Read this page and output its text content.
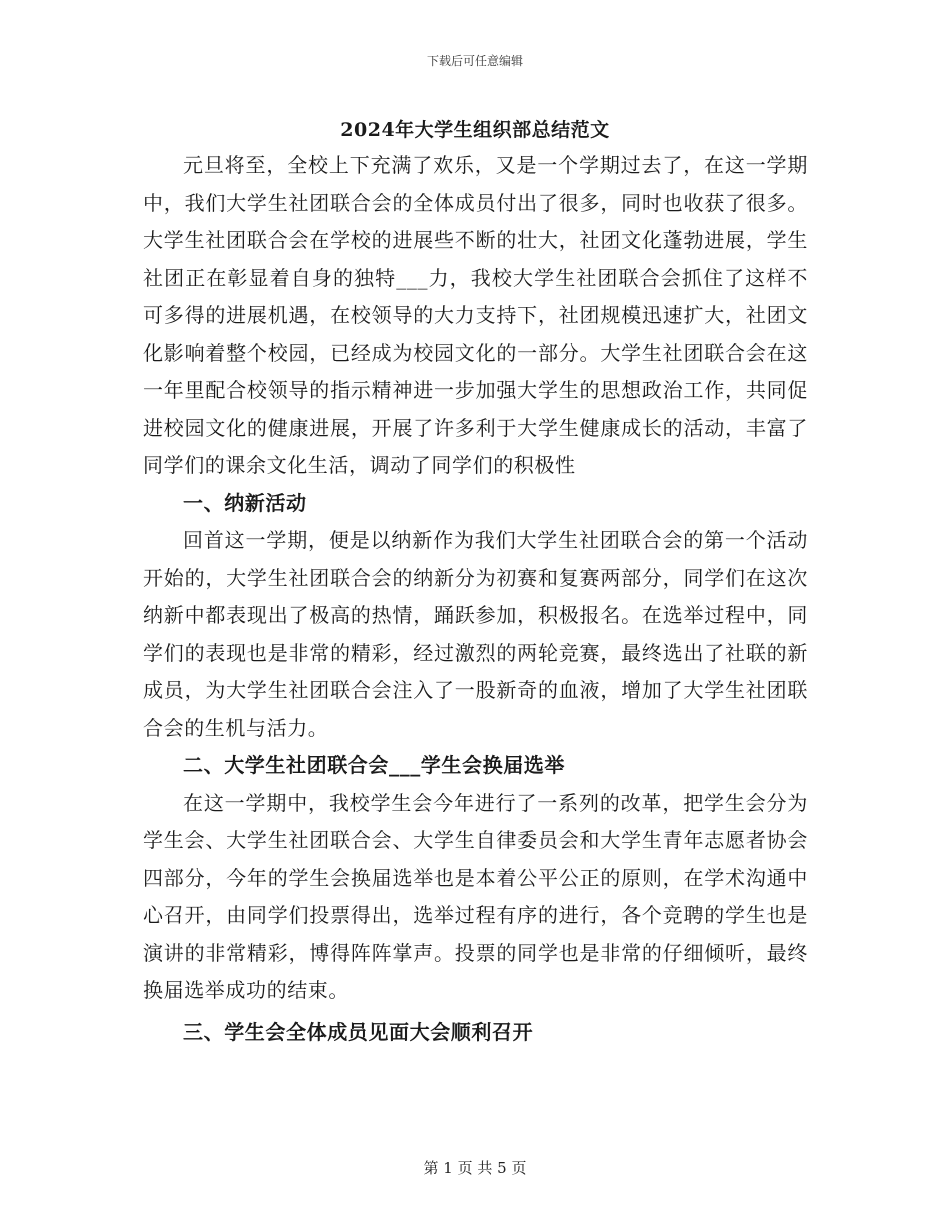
下载后可任意编辑
2024年大学生组织部总结范文

元旦将至，全校上下充满了欢乐，又是一个学期过去了，在这一学期中，我们大学生社团联合会的全体成员付出了很多，同时也收获了很多。大学生社团联合会在学校的进展些不断的壮大，社团文化蓬勃进展，学生社团正在彰显着自身的独特___力，我校大学生社团联合会抓住了这样不可多得的进展机遇，在校领导的大力支持下，社团规模迅速扩大，社团文化影响着整个校园，已经成为校园文化的一部分。大学生社团联合会在这一年里配合校领导的指示精神进一步加强大学生的思想政治工作，共同促进校园文化的健康进展，开展了许多利于大学生健康成长的活动，丰富了同学们的课余文化生活，调动了同学们的积极性

一、纳新活动

回首这一学期，便是以纳新作为我们大学生社团联合会的第一个活动开始的，大学生社团联合会的纳新分为初赛和复赛两部分，同学们在这次纳新中都表现出了极高的热情，踊跃参加，积极报名。在选举过程中，同学们的表现也是非常的精彩，经过激烈的两轮竞赛，最终选出了社联的新成员，为大学生社团联合会注入了一股新奇的血液，增加了大学生社团联合会的生机与活力。

二、大学生社团联合会___学生会换届选举

在这一学期中，我校学生会今年进行了一系列的改革，把学生会分为学生会、大学生社团联合会、大学生自律委员会和大学生青年志愿者协会四部分，今年的学生会换届选举也是本着公平公正的原则，在学术沟通中心召开，由同学们投票得出，选举过程有序的进行，各个竞聘的学生也是演讲的非常精彩，博得阵阵掌声。投票的同学也是非常的仔细倾听，最终换届选举成功的结束。

三、学生会全体成员见面大会顺利召开

第 1 页 共 5 页
